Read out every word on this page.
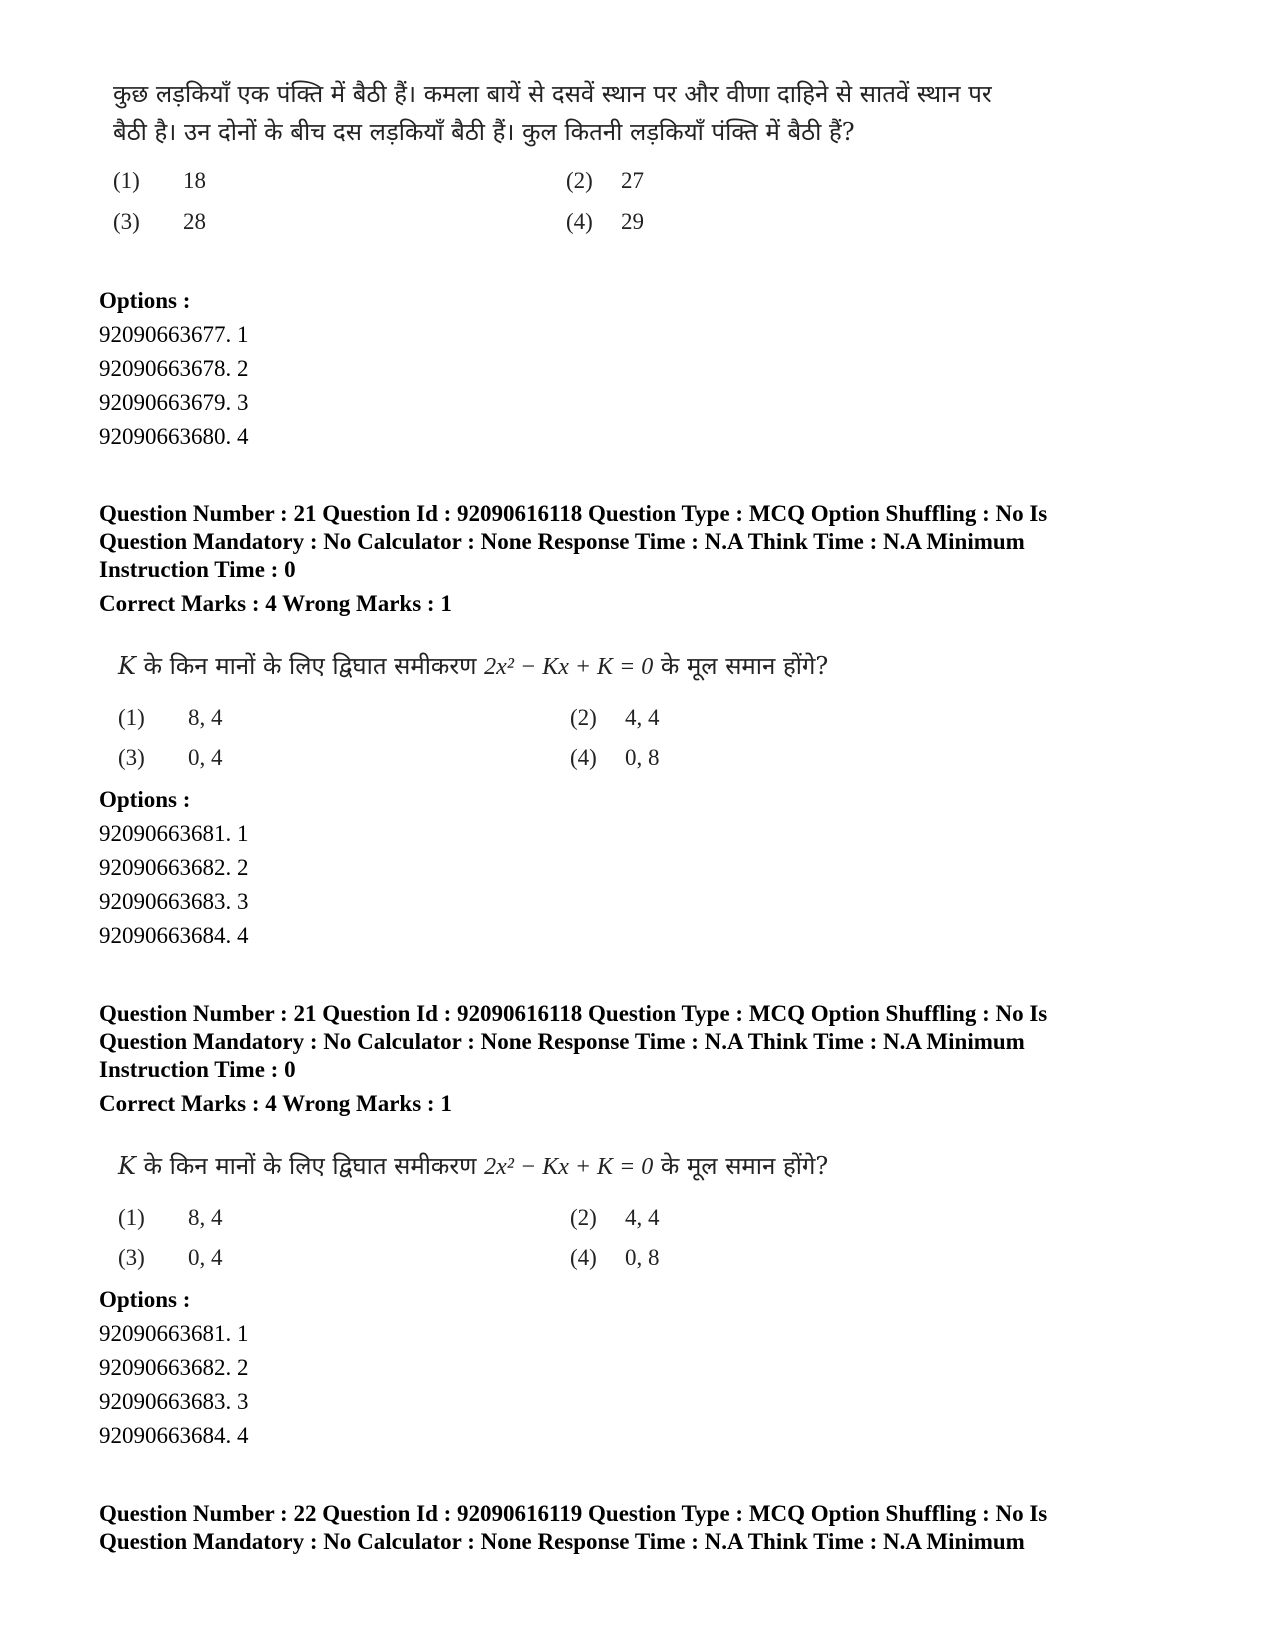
कुछ लड़कियाँ एक पंक्ति में बैठी हैं। कमला बायें से दसवें स्थान पर और वीणा दाहिने से सातवें स्थान पर
बैठी है। उन दोनों के बीच दस लड़कियाँ बैठी हैं। कुल कितनी लड़कियाँ पंक्ति में बैठी हैं?
(1) 18	(2) 27
(3) 28	(4) 29
Options :
92090663677. 1
92090663678. 2
92090663679. 3
92090663680. 4
Question Number : 21 Question Id : 92090616118 Question Type : MCQ Option Shuffling : No Is
Question Mandatory : No Calculator : None Response Time : N.A Think Time : N.A Minimum
Instruction Time : 0
Correct Marks : 4 Wrong Marks : 1
K के किन मानों के लिए द्विघात समीकरण 2x² − Kx + K = 0 के मूल समान होंगे?
(1) 8, 4	(2) 4, 4
(3) 0, 4	(4) 0, 8
Options :
92090663681. 1
92090663682. 2
92090663683. 3
92090663684. 4
Question Number : 21 Question Id : 92090616118 Question Type : MCQ Option Shuffling : No Is
Question Mandatory : No Calculator : None Response Time : N.A Think Time : N.A Minimum
Instruction Time : 0
Correct Marks : 4 Wrong Marks : 1
K के किन मानों के लिए द्विघात समीकरण 2x² − Kx + K = 0 के मूल समान होंगे?
(1) 8, 4	(2) 4, 4
(3) 0, 4	(4) 0, 8
Options :
92090663681. 1
92090663682. 2
92090663683. 3
92090663684. 4
Question Number : 22 Question Id : 92090616119 Question Type : MCQ Option Shuffling : No Is
Question Mandatory : No Calculator : None Response Time : N.A Think Time : N.A Minimum
